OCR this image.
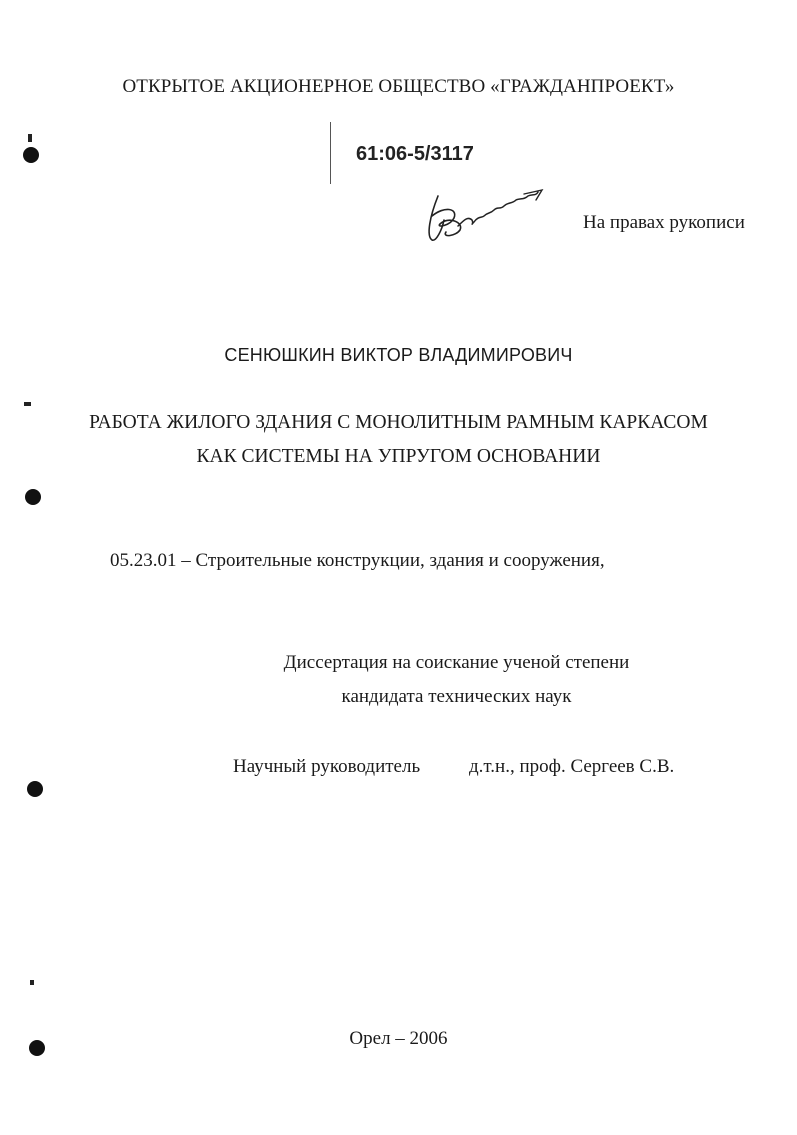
ОТКРЫТОЕ АКЦИОНЕРНОЕ ОБЩЕСТВО «ГРАЖДАНПРОЕКТ»
61:06-5/3117
На правах рукописи
СЕНЮШКИН ВИКТОР ВЛАДИМИРОВИЧ
РАБОТА ЖИЛОГО ЗДАНИЯ С МОНОЛИТНЫМ РАМНЫМ КАРКАСОМ
КАК СИСТЕМЫ НА УПРУГОМ ОСНОВАНИИ
05.23.01 – Строительные конструкции, здания и сооружения,
Диссертация на соискание ученой степени
кандидата технических наук
Научный руководитель	д.т.н., проф. Сергеев С.В.
Орел – 2006
